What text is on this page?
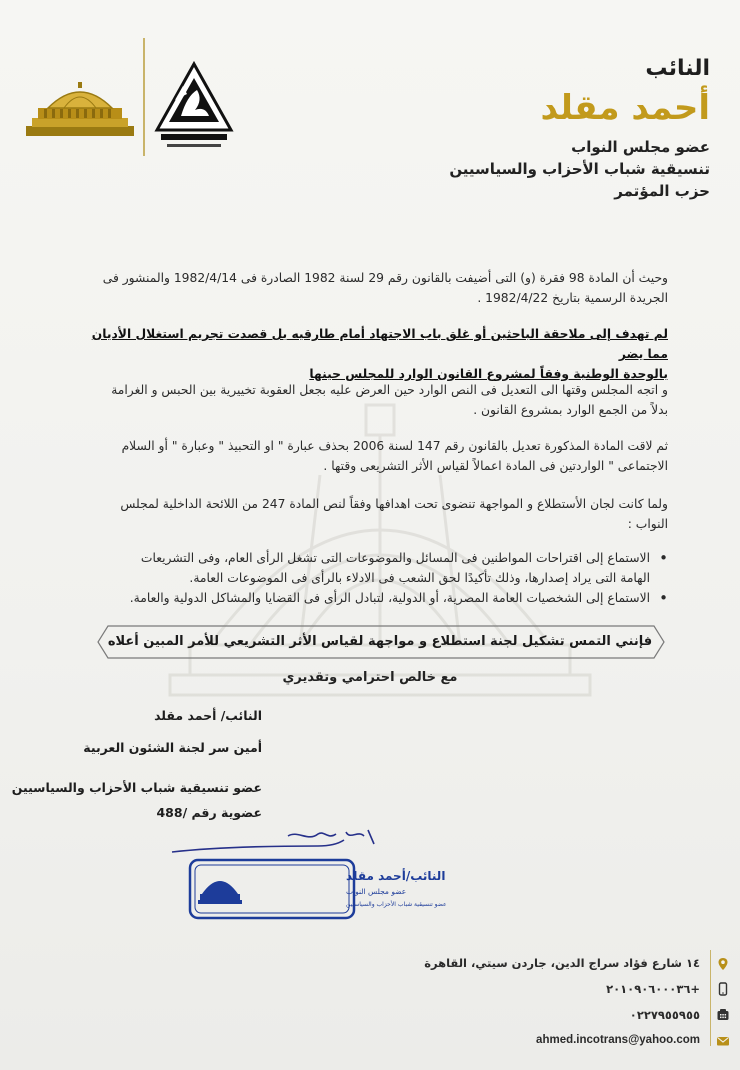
النائب
أحمد مقلد
عضو مجلس النواب
تنسيقية شباب الأحزاب والسياسيين
حزب المؤتمر
وحيث أن المادة 98 فقرة (و) التى أضيفت بالقانون رقم 29 لسنة 1982 الصادرة فى 1982/4/14 والمنشور فى
الجريدة الرسمية بتاريخ 1982/4/22 .
لم تهدف إلى ملاحقة الباحثين أو غلق باب الاجتهاد أمام طارقيه بل قصدت تجريم استغلال الأديان مما يضر
بالوحدة الوطنية وفقاً لمشروع القانون الوارد للمجلس حينها
و اتجه المجلس وقتها الى التعديل فى النص الوارد حين العرض عليه بجعل العقوبة تخييرية بين الحبس و الغرامة
بدلاً من الجمع الوارد بمشروع القانون .
ثم لاقت المادة المذكورة تعديل بالقانون رقم 147 لسنة 2006 بحذف عبارة " او التحبيذ " وعبارة " أو السلام
الاجتماعى " الواردتين فى المادة اعمالاً لقياس الأثر التشريعى وقتها .
ولما كانت لجان الأستطلاع و المواجهة تنضوى تحت اهدافها وفقاً لنص المادة 247 من اللائحة الداخلية لمجلس
النواب :
• الاستماع إلى اقتراحات المواطنين فى المسائل والموضوعات التى تشغل الرأى العام، وفى التشريعات
الهامة التى يراد إصدارها، وذلك تأكيدًا لحق الشعب فى الادلاء بالرأى فى الموضوعات العامة.
• الاستماع إلى الشخصيات العامة المصرية، أو الدولية، لتبادل الرأى فى القضايا والمشاكل الدولية والعامة.
فإنني التمس تشكيل لجنة استطلاع و مواجهة لقياس الأثر التشريعي للأمر المبين أعلاه
مع خالص احترامي وتقديري
النائب/ أحمد مقلد
أمين سر لجنة الشئون العربية
عضو تنسيقية شباب الأحزاب والسياسيين
عضوية رقم /488
النائب/أحمد مقلد
عضو مجلس النواب
عضو تنسيقية شباب الأحزاب والسياسيين
١٤ شارع فؤاد سراج الدين، جاردن سيتي، القاهرة
+٢٠١٠٩٠٦٠٠٠٣٦
٠٢٢٧٩٥٥٩٥٥
ahmed.incotrans@yahoo.com
